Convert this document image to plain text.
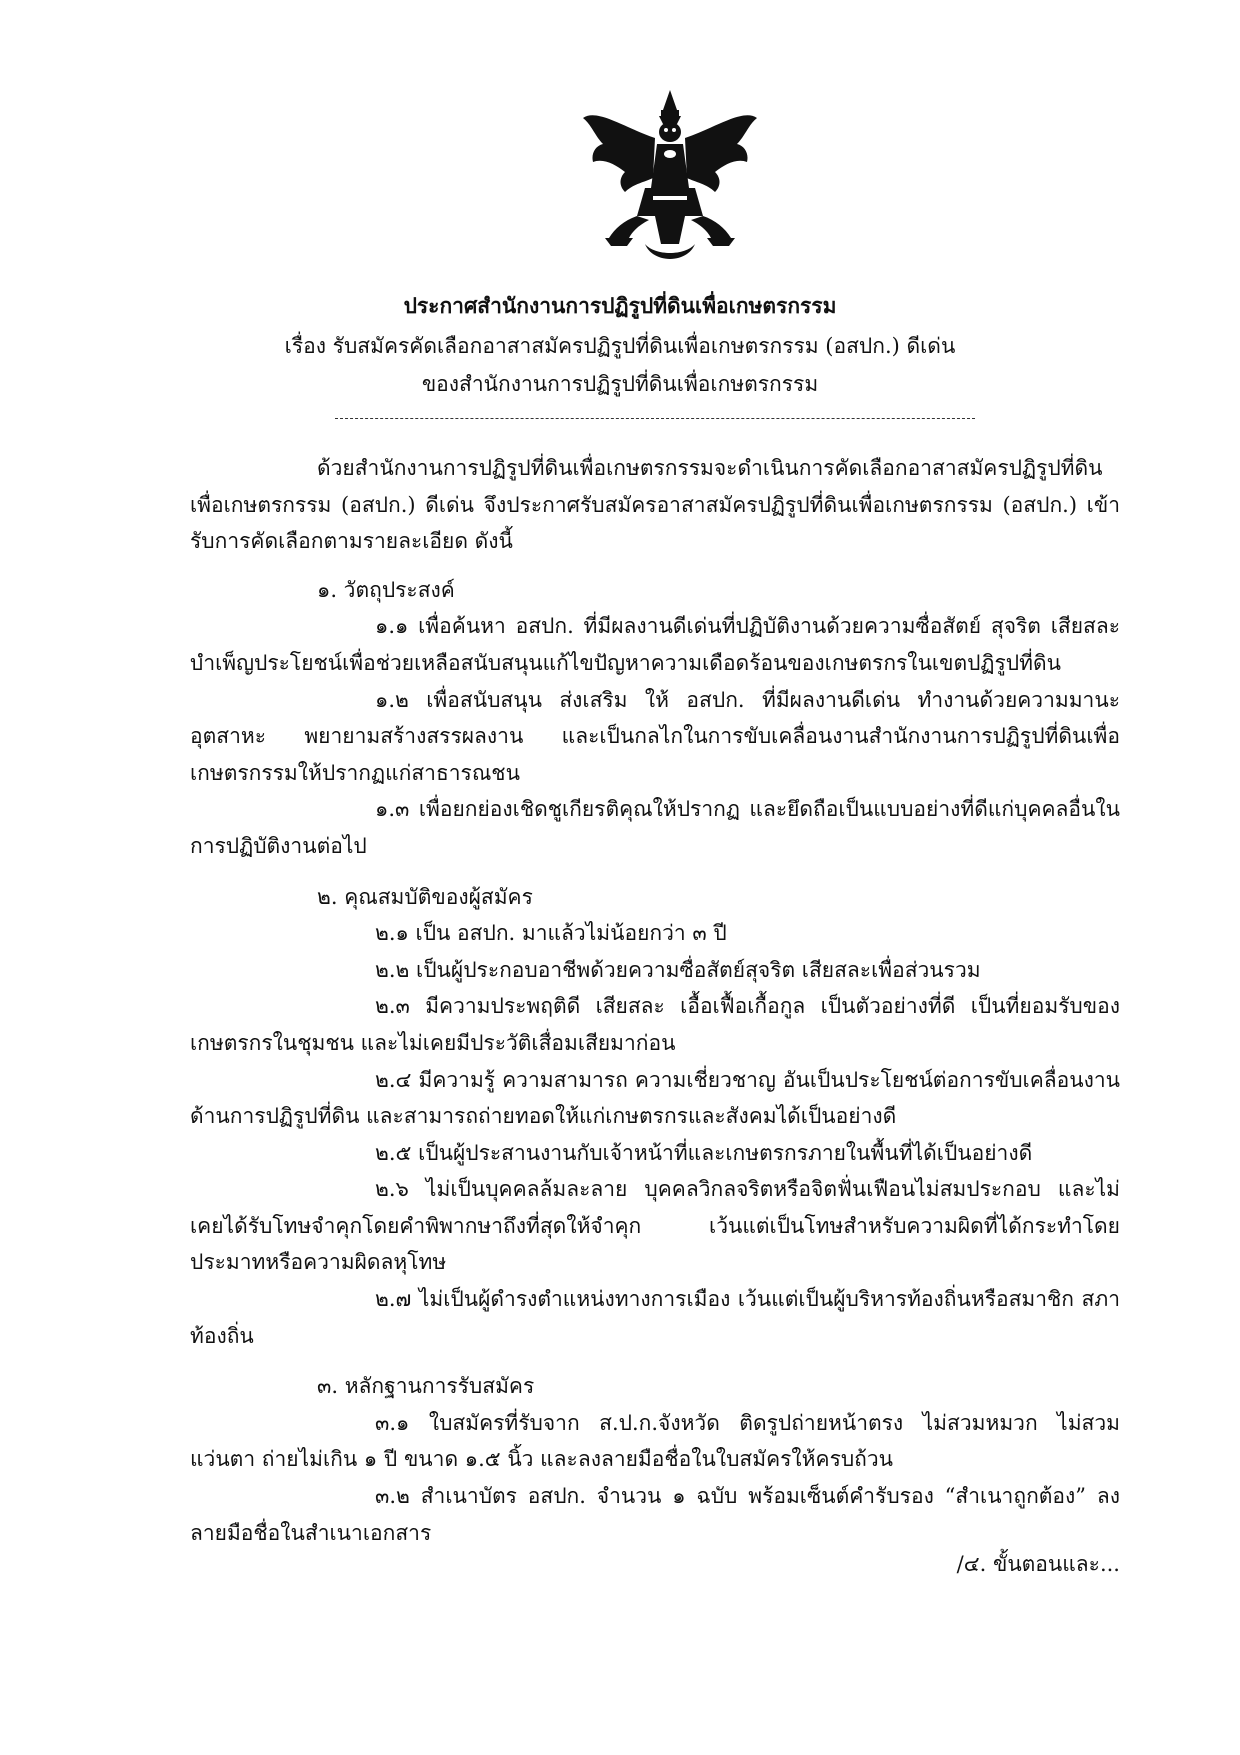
ประกาศสำนักงานการปฏิรูปที่ดินเพื่อเกษตรกรรม
เรื่อง รับสมัครคัดเลือกอาสาสมัครปฏิรูปที่ดินเพื่อเกษตรกรรม (อสปก.) ดีเด่น
ของสำนักงานการปฏิรูปที่ดินเพื่อเกษตรกรรม

ด้วยสำนักงานการปฏิรูปที่ดินเพื่อเกษตรกรรมจะดำเนินการคัดเลือกอาสาสมัครปฏิรูปที่ดินเพื่อเกษตรกรรม (อสปก.) ดีเด่น จึงประกาศรับสมัครอาสาสมัครปฏิรูปที่ดินเพื่อเกษตรกรรม (อสปก.) เข้ารับการคัดเลือกตามรายละเอียด ดังนี้

๑. วัตถุประสงค์

๑.๑ เพื่อค้นหา อสปก. ที่มีผลงานดีเด่นที่ปฏิบัติงานด้วยความซื่อสัตย์ สุจริต เสียสละ บำเพ็ญประโยชน์เพื่อช่วยเหลือสนับสนุนแก้ไขปัญหาความเดือดร้อนของเกษตรกรในเขตปฏิรูปที่ดิน

๑.๒ เพื่อสนับสนุน ส่งเสริม ให้ อสปก. ที่มีผลงานดีเด่น ทำงานด้วยความมานะ อุตสาหะ พยายามสร้างสรรผลงาน และเป็นกลไกในการขับเคลื่อนงานสำนักงานการปฏิรูปที่ดินเพื่อเกษตรกรรมให้ปรากฏแก่สาธารณชน

๑.๓ เพื่อยกย่องเชิดชูเกียรติคุณให้ปรากฏ และยึดถือเป็นแบบอย่างที่ดีแก่บุคคลอื่นในการปฏิบัติงานต่อไป

๒. คุณสมบัติของผู้สมัคร

๒.๑ เป็น อสปก. มาแล้วไม่น้อยกว่า ๓ ปี

๒.๒ เป็นผู้ประกอบอาชีพด้วยความซื่อสัตย์สุจริต เสียสละเพื่อส่วนรวม

๒.๓ มีความประพฤติดี เสียสละ เอื้อเฟื้อเกื้อกูล เป็นตัวอย่างที่ดี เป็นที่ยอมรับของเกษตรกรในชุมชน และไม่เคยมีประวัติเสื่อมเสียมาก่อน

๒.๔ มีความรู้ ความสามารถ ความเชี่ยวชาญ อันเป็นประโยชน์ต่อการขับเคลื่อนงานด้านการปฏิรูปที่ดิน และสามารถถ่ายทอดให้แก่เกษตรกรและสังคมได้เป็นอย่างดี

๒.๕ เป็นผู้ประสานงานกับเจ้าหน้าที่และเกษตรกรภายในพื้นที่ได้เป็นอย่างดี

๒.๖ ไม่เป็นบุคคลล้มละลาย บุคคลวิกลจริตหรือจิตฟั่นเฟือนไม่สมประกอบ และไม่เคยได้รับโทษจำคุกโดยคำพิพากษาถึงที่สุดให้จำคุก เว้นแต่เป็นโทษสำหรับความผิดที่ได้กระทำโดยประมาทหรือความผิดลหุโทษ

๒.๗ ไม่เป็นผู้ดำรงตำแหน่งทางการเมือง เว้นแต่เป็นผู้บริหารท้องถิ่นหรือสมาชิก สภาท้องถิ่น

๓. หลักฐานการรับสมัคร

๓.๑ ใบสมัครที่รับจาก ส.ป.ก.จังหวัด ติดรูปถ่ายหน้าตรง ไม่สวมหมวก ไม่สวมแว่นตา ถ่ายไม่เกิน ๑ ปี ขนาด ๑.๕ นิ้ว และลงลายมือชื่อในใบสมัครให้ครบถ้วน

๓.๒ สำเนาบัตร อสปก. จำนวน ๑ ฉบับ พร้อมเซ็นต์คำรับรอง “สำเนาถูกต้อง” ลงลายมือชื่อในสำเนาเอกสาร

/๔. ขั้นตอนและ...
